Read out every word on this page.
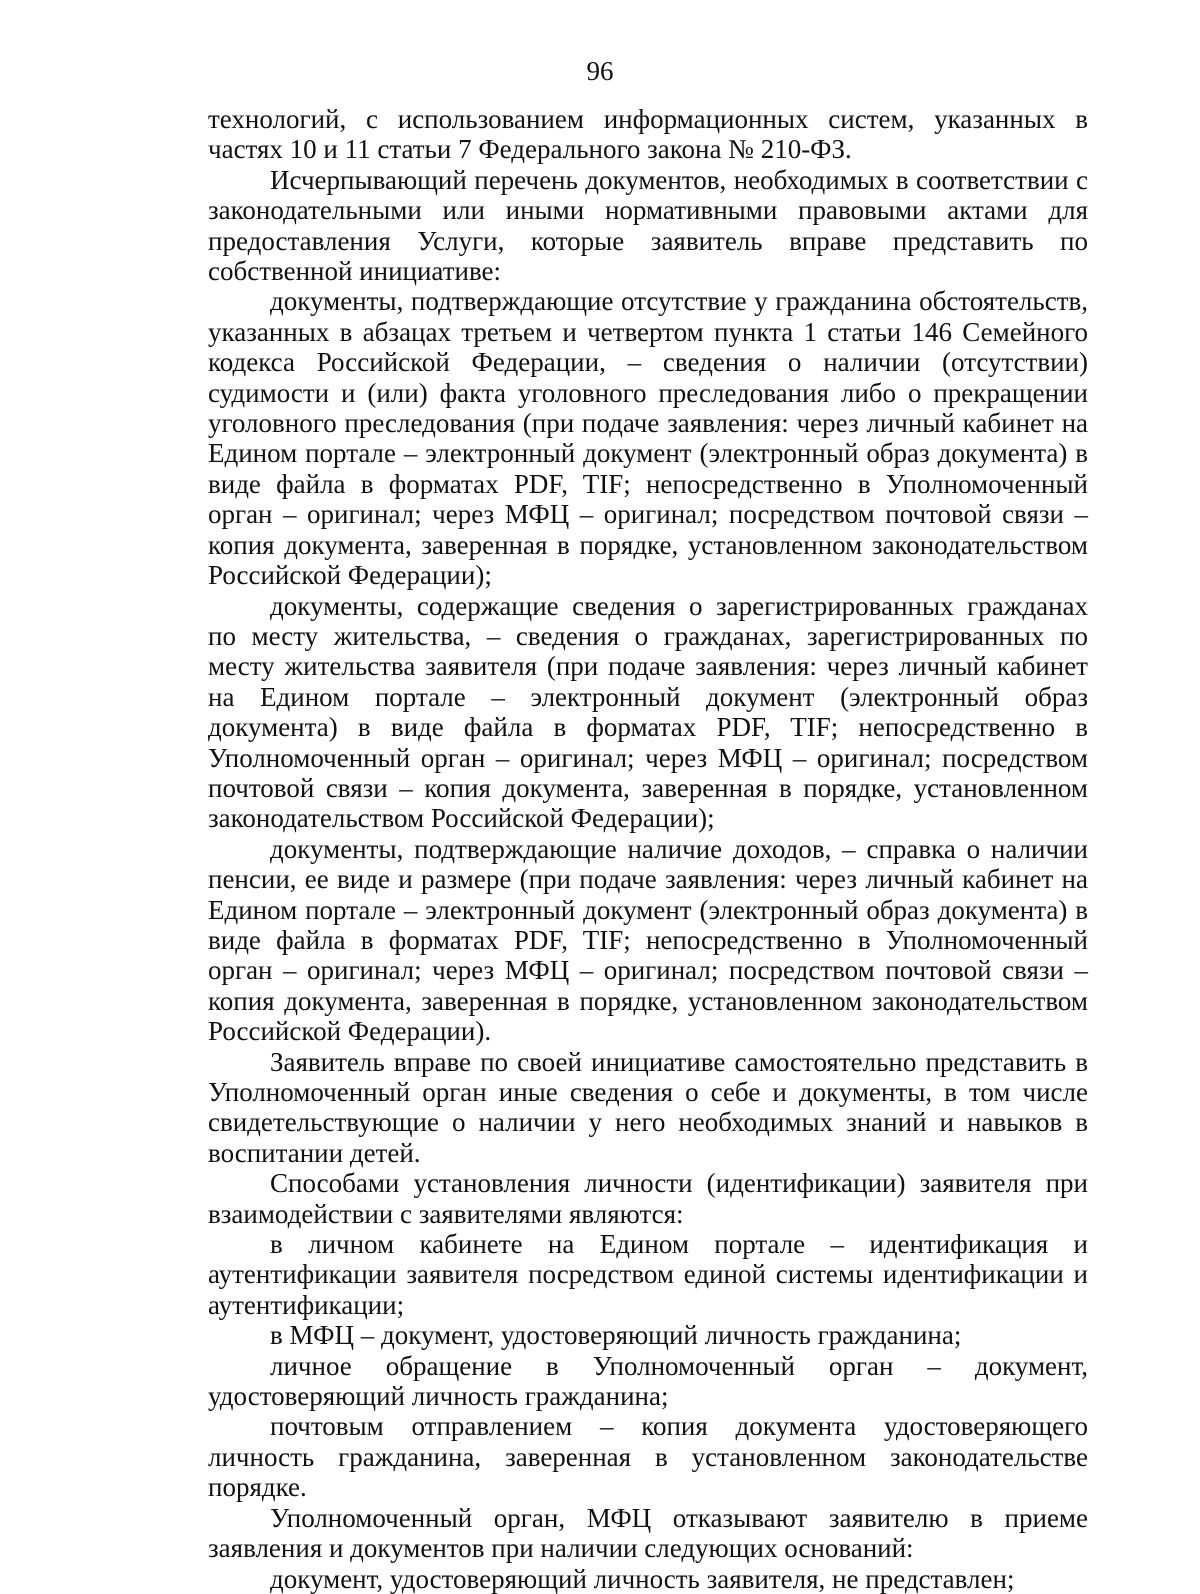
96

технологий, с использованием информационных систем, указанных в частях 10 и 11 статьи 7 Федерального закона № 210-ФЗ.

Исчерпывающий перечень документов, необходимых в соответствии с законодательными или иными нормативными правовыми актами для предоставления Услуги, которые заявитель вправе представить по собственной инициативе:

документы, подтверждающие отсутствие у гражданина обстоятельств, указанных в абзацах третьем и четвертом пункта 1 статьи 146 Семейного кодекса Российской Федерации, – сведения о наличии (отсутствии) судимости и (или) факта уголовного преследования либо о прекращении уголовного преследования (при подаче заявления: через личный кабинет на Едином портале – электронный документ (электронный образ документа) в виде файла в форматах PDF, TIF; непосредственно в Уполномоченный орган – оригинал; через МФЦ – оригинал; посредством почтовой связи – копия документа, заверенная в порядке, установленном законодательством Российской Федерации);

документы, содержащие сведения о зарегистрированных гражданах по месту жительства, – сведения о гражданах, зарегистрированных по месту жительства заявителя (при подаче заявления: через личный кабинет на Едином портале – электронный документ (электронный образ документа) в виде файла в форматах PDF, TIF; непосредственно в Уполномоченный орган – оригинал; через МФЦ – оригинал; посредством почтовой связи – копия документа, заверенная в порядке, установленном законодательством Российской Федерации);

документы, подтверждающие наличие доходов, – справка о наличии пенсии, ее виде и размере (при подаче заявления: через личный кабинет на Едином портале – электронный документ (электронный образ документа) в виде файла в форматах PDF, TIF; непосредственно в Уполномоченный орган – оригинал; через МФЦ – оригинал; посредством почтовой связи – копия документа, заверенная в порядке, установленном законодательством Российской Федерации).

Заявитель вправе по своей инициативе самостоятельно представить в Уполномоченный орган иные сведения о себе и документы, в том числе свидетельствующие о наличии у него необходимых знаний и навыков в воспитании детей.

Способами установления личности (идентификации) заявителя при взаимодействии с заявителями являются:

в личном кабинете на Едином портале – идентификация и аутентификации заявителя посредством единой системы идентификации и аутентификации;

в МФЦ – документ, удостоверяющий личность гражданина;

личное обращение в Уполномоченный орган – документ, удостоверяющий личность гражданина;

почтовым отправлением – копия документа удостоверяющего личность гражданина, заверенная в установленном законодательстве порядке.

Уполномоченный орган, МФЦ отказывают заявителю в приеме заявления и документов при наличии следующих оснований:

документ, удостоверяющий личность заявителя, не представлен;
